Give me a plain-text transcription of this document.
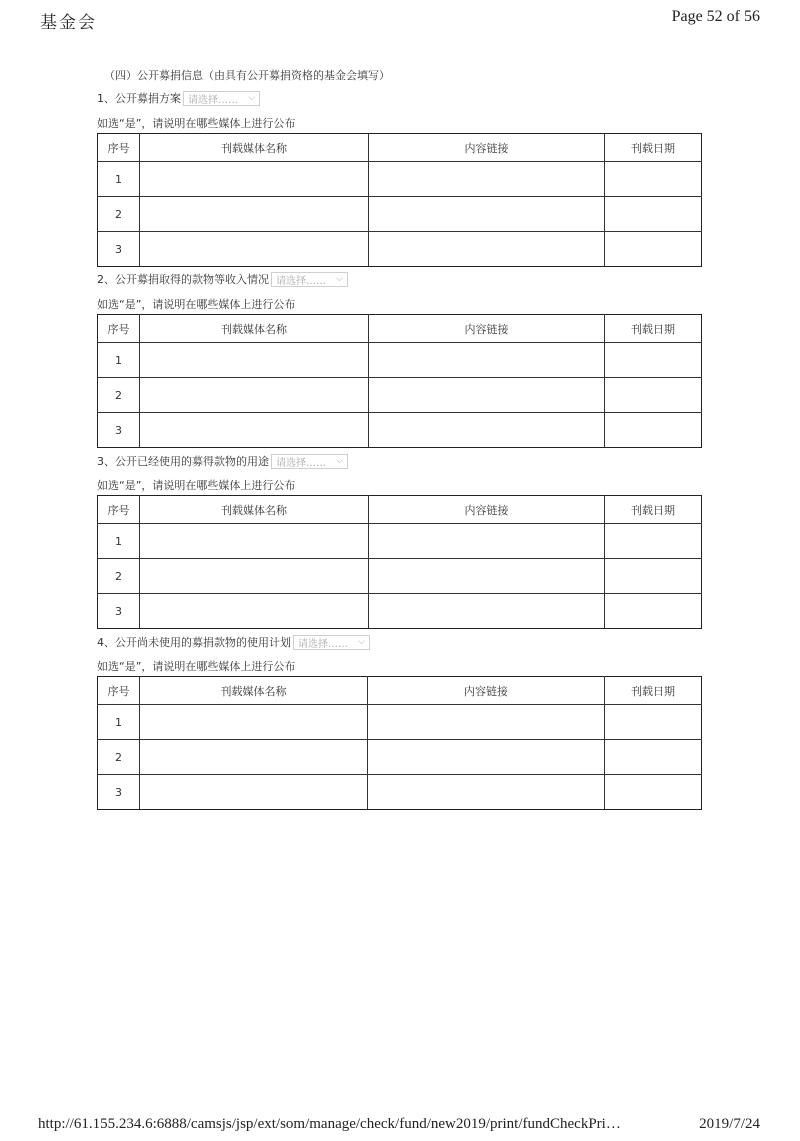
基金会	Page 52 of 56
（四）公开募捐信息（由具有公开募捐资格的基金会填写）
1、公开募捐方案 请选择…… ⌵
如选“是”，请说明在哪些媒体上进行公布
序号	刊载媒体名称	内容链接	刊载日期
1			
2			
3			
2、公开募捐取得的款物等收入情况 请选择…… ⌵
如选“是”，请说明在哪些媒体上进行公布
序号	刊载媒体名称	内容链接	刊载日期
1			
2			
3			
3、公开已经使用的募得款物的用途 请选择…… ⌵
如选“是”，请说明在哪些媒体上进行公布
序号	刊载媒体名称	内容链接	刊载日期
1			
2			
3			
4、公开尚未使用的募捐款物的使用计划 请选择…… ⌵
如选“是”，请说明在哪些媒体上进行公布
序号	刊载媒体名称	内容链接	刊载日期
1			
2			
3			
http://61.155.234.6:6888/camsjs/jsp/ext/som/manage/check/fund/new2019/print/fundCheckPri…	2019/7/24
